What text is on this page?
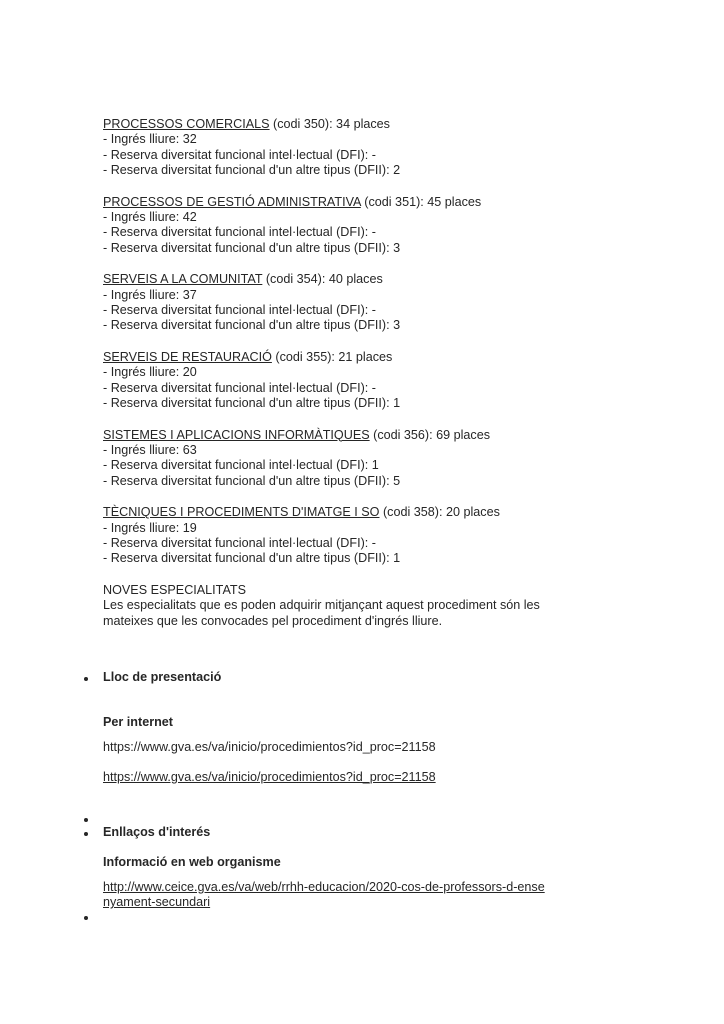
PROCESSOS COMERCIALS (codi 350): 34 places
- Ingrés lliure: 32
- Reserva diversitat funcional intel·lectual (DFI): -
- Reserva diversitat funcional d'un altre tipus (DFII): 2
PROCESSOS DE GESTIÓ ADMINISTRATIVA (codi 351): 45 places
- Ingrés lliure: 42
- Reserva diversitat funcional intel·lectual (DFI): -
- Reserva diversitat funcional d'un altre tipus (DFII): 3
SERVEIS A LA COMUNITAT (codi 354): 40 places
- Ingrés lliure: 37
- Reserva diversitat funcional intel·lectual (DFI): -
- Reserva diversitat funcional d'un altre tipus (DFII): 3
SERVEIS DE RESTAURACIÓ (codi 355): 21 places
- Ingrés lliure: 20
- Reserva diversitat funcional intel·lectual (DFI): -
- Reserva diversitat funcional d'un altre tipus (DFII): 1
SISTEMES I APLICACIONS INFORMÀTIQUES (codi 356): 69 places
- Ingrés lliure: 63
- Reserva diversitat funcional intel·lectual (DFI): 1
- Reserva diversitat funcional d'un altre tipus (DFII): 5
TÈCNIQUES I PROCEDIMENTS D'IMATGE I SO (codi 358): 20 places
- Ingrés lliure: 19
- Reserva diversitat funcional intel·lectual (DFI): -
- Reserva diversitat funcional d'un altre tipus (DFII): 1
NOVES ESPECIALITATS
Les especialitats que es poden adquirir mitjançant aquest procediment són les mateixes que les convocades pel procediment d'ingrés lliure.
Lloc de presentació
Per internet
https://www.gva.es/va/inicio/procedimientos?id_proc=21158
https://www.gva.es/va/inicio/procedimientos?id_proc=21158
Enllaços d'interés
Informació en web organisme
http://www.ceice.gva.es/va/web/rrhh-educacion/2020-cos-de-professors-d-ensenyament-secundari
